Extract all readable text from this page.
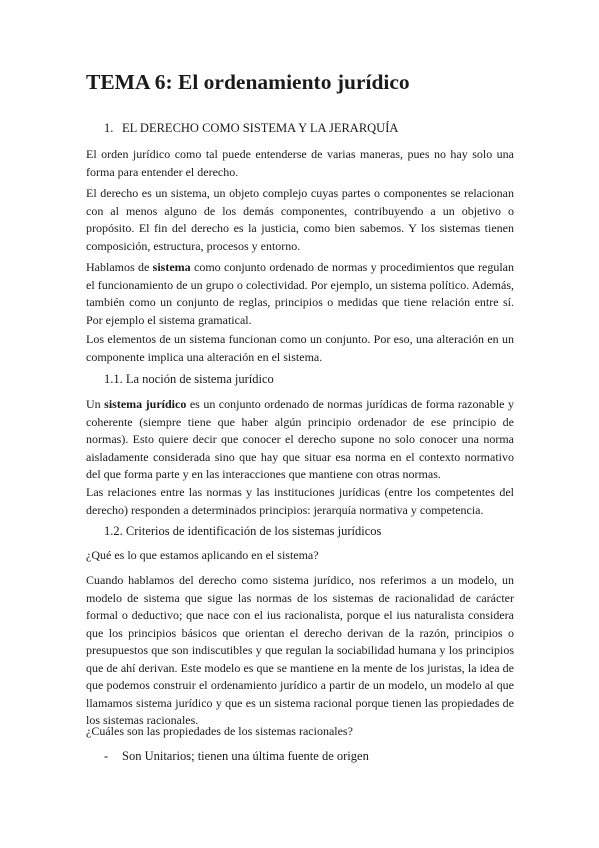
TEMA 6: El ordenamiento jurídico
1. EL DERECHO COMO SISTEMA Y LA JERARQUÍA

El orden jurídico como tal puede entenderse de varias maneras, pues no hay solo una forma para entender el derecho.

El derecho es un sistema, un objeto complejo cuyas partes o componentes se relacionan con al menos alguno de los demás componentes, contribuyendo a un objetivo o propósito. El fin del derecho es la justicia, como bien sabemos. Y los sistemas tienen composición, estructura, procesos y entorno.

Hablamos de sistema como conjunto ordenado de normas y procedimientos que regulan el funcionamiento de un grupo o colectividad. Por ejemplo, un sistema político. Además, también como un conjunto de reglas, principios o medidas que tiene relación entre sí. Por ejemplo el sistema gramatical.

Los elementos de un sistema funcionan como un conjunto. Por eso, una alteración en un componente implica una alteración en el sistema.

1.1. La noción de sistema jurídico

Un sistema jurídico es un conjunto ordenado de normas jurídicas de forma razonable y coherente (siempre tiene que haber algún principio ordenador de ese principio de normas). Esto quiere decir que conocer el derecho supone no solo conocer una norma aisladamente considerada sino que hay que situar esa norma en el contexto normativo del que forma parte y en las interacciones que mantiene con otras normas.

Las relaciones entre las normas y las instituciones jurídicas (entre los competentes del derecho) responden a determinados principios: jerarquía normativa y competencia.

1.2. Criterios de identificación de los sistemas jurídicos

¿Qué es lo que estamos aplicando en el sistema?

Cuando hablamos del derecho como sistema jurídico, nos referimos a un modelo, un modelo de sistema que sigue las normas de los sistemas de racionalidad de carácter formal o deductivo; que nace con el ius racionalista, porque el ius naturalista considera que los principios básicos que orientan el derecho derivan de la razón, principios o presupuestos que son indiscutibles y que regulan la sociabilidad humana y los principios que de ahí derivan. Este modelo es que se mantiene en la mente de los juristas, la idea de que podemos construir el ordenamiento jurídico a partir de un modelo, un modelo al que llamamos sistema jurídico y que es un sistema racional porque tienen las propiedades de los sistemas racionales.

¿Cuáles son las propiedades de los sistemas racionales?

- Son Unitarios; tienen una última fuente de origen
